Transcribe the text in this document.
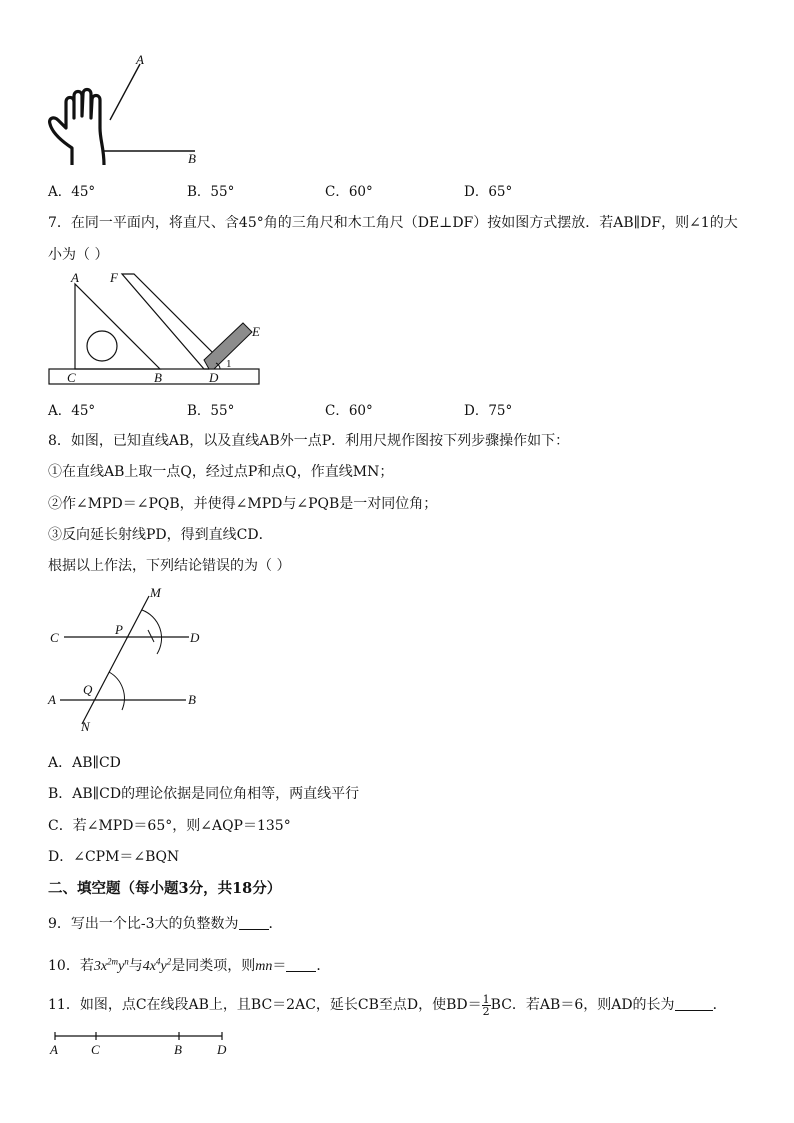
A
B
A．45°	B．55°	C．60°	D．65°
7．在同一平面内，将直尺、含45°角的三角尺和木工角尺（DE⊥DF）按如图方式摆放．若AB∥DF，则∠1的大
小为（ ）
A F
E
C	B	D
1
A．45°	B．55°	C．60°	D．75°
8．如图，已知直线AB，以及直线AB外一点P．利用尺规作图按下列步骤操作如下：
①在直线AB上取一点Q，经过点P和点Q，作直线MN；
②作∠MPD＝∠PQB，并使得∠MPD与∠PQB是一对同位角；
③反向延长射线PD，得到直线CD．
根据以上作法，下列结论错误的为（ ）
M
C
P
D
A
Q
B
N
A．AB∥CD
B．AB∥CD的理论依据是同位角相等，两直线平行
C．若∠MPD＝65°，则∠AQP＝135°
D．∠CPM＝∠BQN
二、填空题（每小题3分，共18分）
9．写出一个比-3大的负整数为 ．
10．若$3x^{2m}y^n$与$4x^4y^2$是同类项，则mn＝ ．
11．如图，点C在线段AB上，且BC＝2AC，延长CB至点D，使$BD= \frac{1}{2}$ BC．若AB＝6，则AD的长为	．
A	C	B	D
